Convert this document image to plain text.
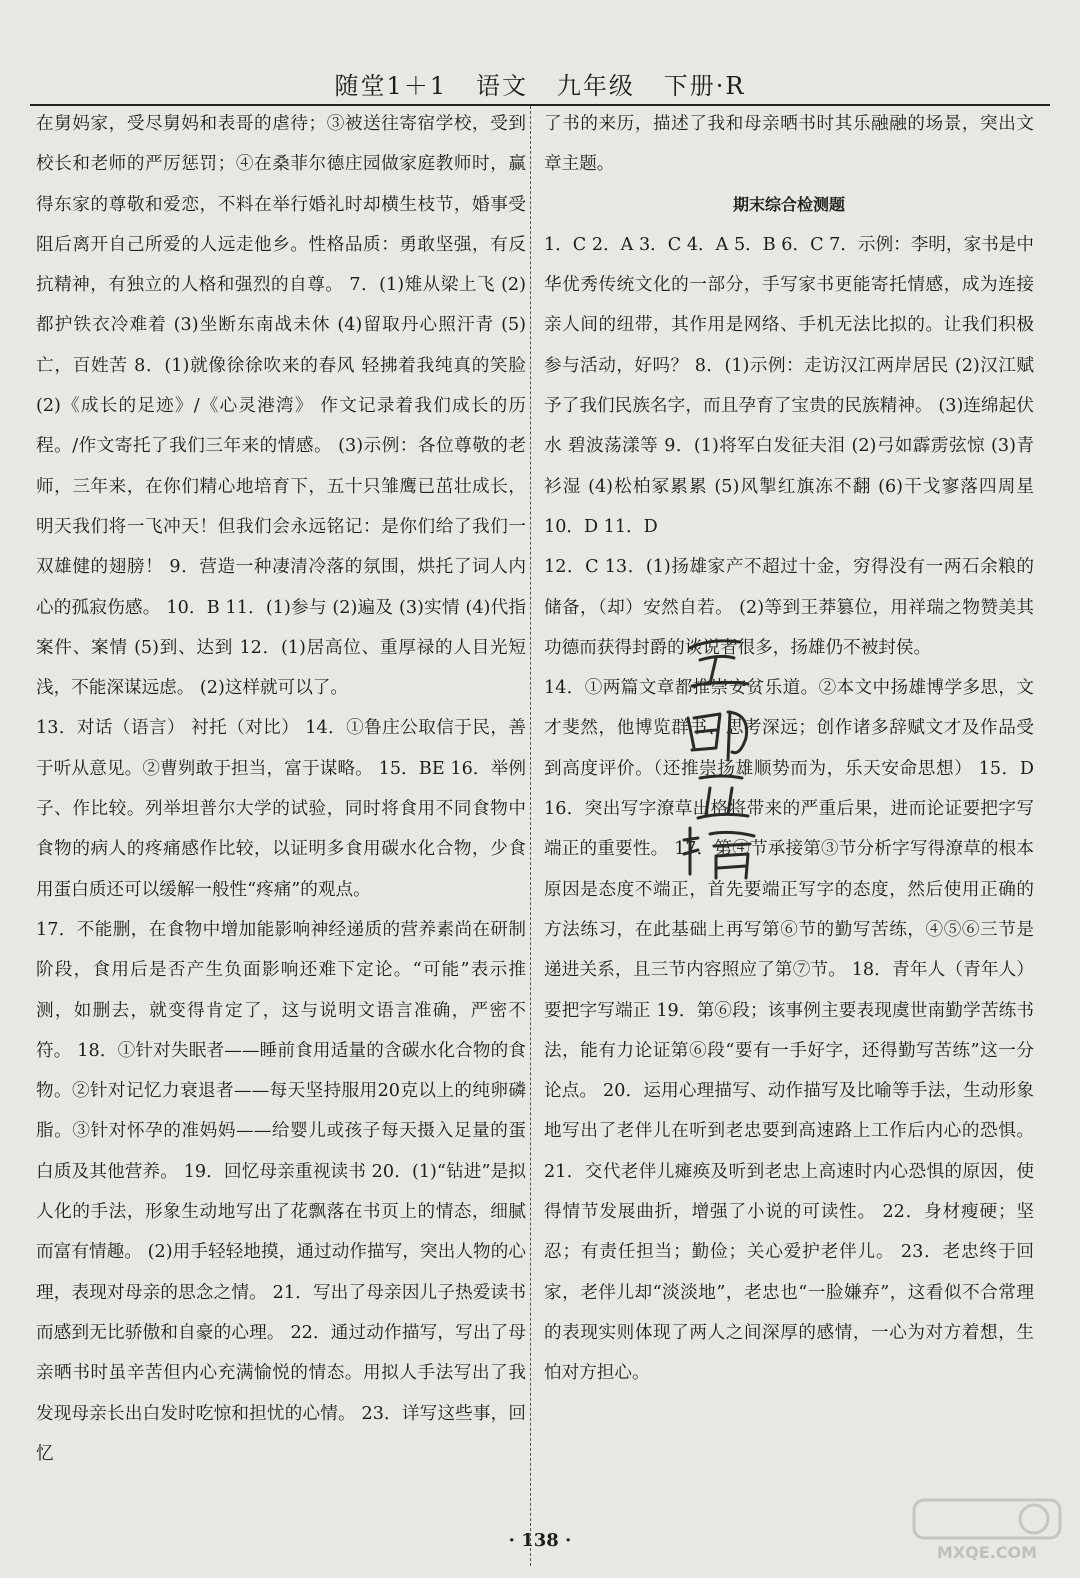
随堂1＋1   语文   九年级   下册·R

在舅妈家，受尽舅妈和表哥的虐待；③被送往寄宿学校，受到校长和老师的严厉惩罚；④在桑菲尔德庄园做家庭教师时，赢得东家的尊敬和爱恋，不料在举行婚礼时却横生枝节，婚事受阻后离开自己所爱的人远走他乡。性格品质：勇敢坚强，有反抗精神，有独立的人格和强烈的自尊。 7．(1)雉从梁上飞 (2)都护铁衣冷难着 (3)坐断东南战未休 (4)留取丹心照汗青 (5)亡，百姓苦 8．(1)就像徐徐吹来的春风 轻拂着我纯真的笑脸 (2)《成长的足迹》/《心灵港湾》 作文记录着我们成长的历程。/作文寄托了我们三年来的情感。 (3)示例：各位尊敬的老师，三年来，在你们精心地培育下，五十只雏鹰已茁壮成长，明天我们将一飞冲天！但我们会永远铭记：是你们给了我们一双雄健的翅膀！ 9．营造一种凄清冷落的氛围，烘托了词人内心的孤寂伤感。 10．B 11．(1)参与 (2)遍及 (3)实情 (4)代指案件、案情 (5)到、达到 12．(1)居高位、重厚禄的人目光短浅，不能深谋远虑。 (2)这样就可以了。

13．对话（语言） 衬托（对比） 14．①鲁庄公取信于民，善于听从意见。②曹刿敢于担当，富于谋略。 15．BE 16．举例子、作比较。列举坦普尔大学的试验，同时将食用不同食物中食物的病人的疼痛感作比较，以证明多食用碳水化合物，少食用蛋白质还可以缓解一般性“疼痛”的观点。

17．不能删，在食物中增加能影响神经递质的营养素尚在研制阶段，食用后是否产生负面影响还难下定论。“可能”表示推测，如删去，就变得肯定了，这与说明文语言准确，严密不符。 18．①针对失眠者——睡前食用适量的含碳水化合物的食物。②针对记忆力衰退者——每天坚持服用20克以上的纯卵磷脂。③针对怀孕的准妈妈——给婴儿或孩子每天摄入足量的蛋白质及其他营养。 19．回忆母亲重视读书 20．(1)“钻进”是拟人化的手法，形象生动地写出了花飘落在书页上的情态，细腻而富有情趣。 (2)用手轻轻地摸，通过动作描写，突出人物的心理，表现对母亲的思念之情。 21．写出了母亲因儿子热爱读书而感到无比骄傲和自豪的心理。 22．通过动作描写，写出了母亲晒书时虽辛苦但内心充满愉悦的情态。用拟人手法写出了我发现母亲长出白发时吃惊和担忧的心情。 23．详写这些事，回忆

了书的来历，描述了我和母亲晒书时其乐融融的场景，突出文章主题。

期末综合检测题

1．C 2．A 3．C 4．A 5．B 6．C 7．示例：李明，家书是中华优秀传统文化的一部分，手写家书更能寄托情感，成为连接亲人间的纽带，其作用是网络、手机无法比拟的。让我们积极参与活动，好吗？ 8．(1)示例：走访汉江两岸居民 (2)汉江赋予了我们民族名字，而且孕育了宝贵的民族精神。 (3)连绵起伏 水 碧波荡漾等 9．(1)将军白发征夫泪 (2)弓如霹雳弦惊 (3)青衫湿 (4)松柏冢累累 (5)风掣红旗冻不翻 (6)干戈寥落四周星 10．D 11．D

12．C 13．(1)扬雄家产不超过十金，穷得没有一两石余粮的储备，（却）安然自若。 (2)等到王莽篡位，用祥瑞之物赞美其功德而获得封爵的谈说者很多，扬雄仍不被封侯。

14．①两篇文章都推崇安贫乐道。②本文中扬雄博学多思，文才斐然，他博览群书、思考深远；创作诸多辞赋文才及作品受到高度评价。（还推崇扬雄顺势而为，乐天安命思想） 15．D 16．突出写字潦草出格将带来的严重后果，进而论证要把字写端正的重要性。 17．第④节承接第③节分析字写得潦草的根本原因是态度不端正，首先要端正写字的态度，然后使用正确的方法练习，在此基础上再写第⑥节的勤写苦练，④⑤⑥三节是递进关系，且三节内容照应了第⑦节。 18．青年人（青年人）要把字写端正 19．第⑥段；该事例主要表现虞世南勤学苦练书法，能有力论证第⑥段“要有一手好字，还得勤写苦练”这一分论点。 20．运用心理描写、动作描写及比喻等手法，生动形象地写出了老伴儿在听到老忠要到高速路上工作后内心的恐惧。 21．交代老伴儿瘫痪及听到老忠上高速时内心恐惧的原因，使得情节发展曲折，增强了小说的可读性。 22．身材瘦硬；坚忍；有责任担当；勤俭；关心爱护老伴儿。 23．老忠终于回家，老伴儿却“淡淡地”，老忠也“一脸嫌弃”，这看似不合常理的表现实则体现了两人之间深厚的感情，一心为对方着想，生怕对方担心。

· 138 ·
MXQE.COM
